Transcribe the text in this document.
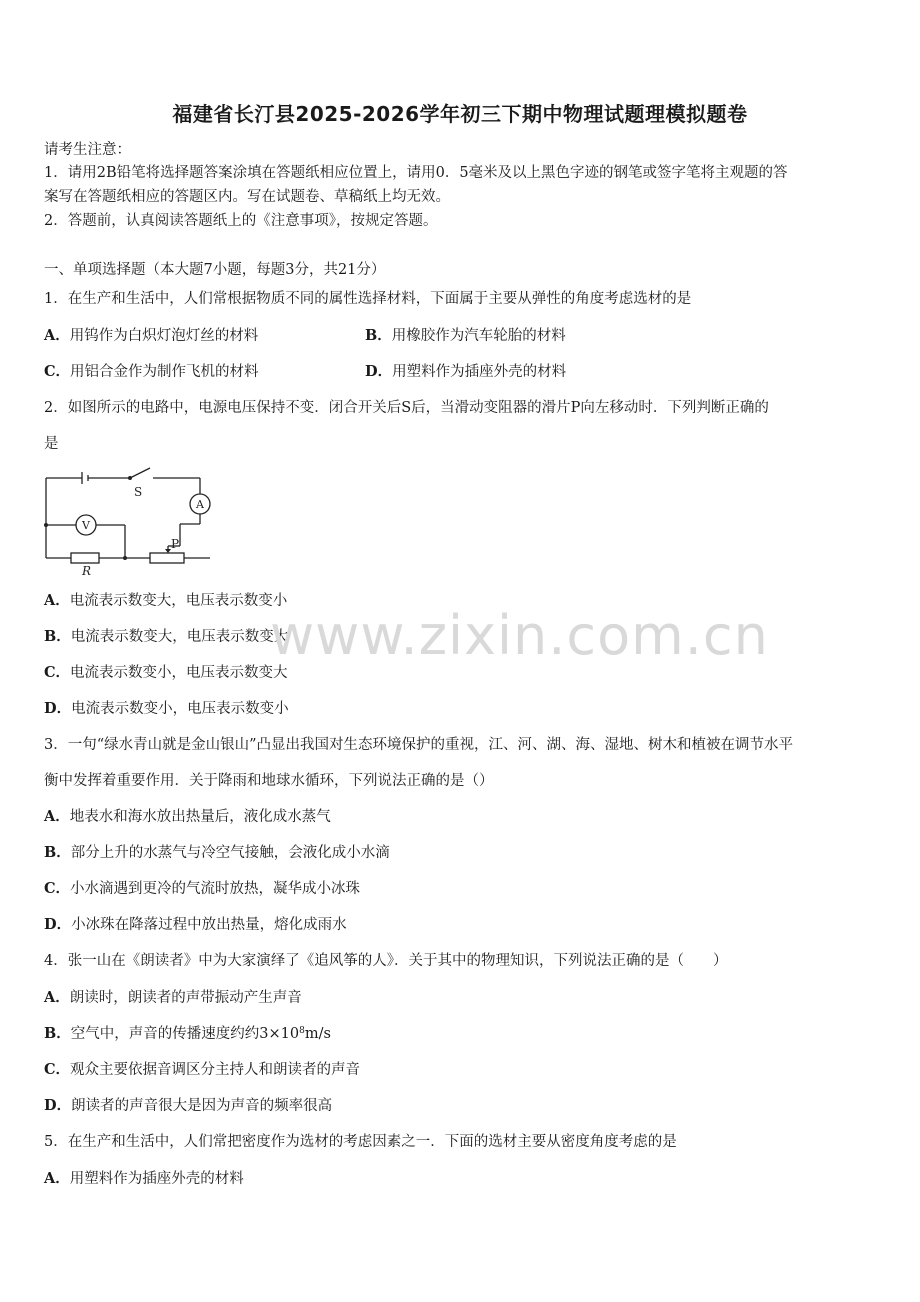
福建省长汀县2025-2026学年初三下期中物理试题理模拟题卷
请考生注意：
1．请用2B铅笔将选择题答案涂填在答题纸相应位置上，请用0．5毫米及以上黑色字迹的钢笔或签字笔将主观题的答
案写在答题纸相应的答题区内。写在试题卷、草稿纸上均无效。
2．答题前，认真阅读答题纸上的《注意事项》，按规定答题。
一、单项选择题（本大题7小题，每题3分，共21分）
1．在生产和生活中，人们常根据物质不同的属性选择材料，下面属于主要从弹性的角度考虑选材的是
A．用钨作为白炽灯泡灯丝的材料	B．用橡胶作为汽车轮胎的材料
C．用铝合金作为制作飞机的材料	D．用塑料作为插座外壳的材料
2．如图所示的电路中，电源电压保持不变．闭合开关后S后，当滑动变阻器的滑片P向左移动时．下列判断正确的
是
S
A
V
P
R
A．电流表示数变大，电压表示数变小
B．电流表示数变大，电压表示数变大
C．电流表示数变小，电压表示数变大
D．电流表示数变小，电压表示数变小
www.zixin.com.cn
3．一句“绿水青山就是金山银山”凸显出我国对生态环境保护的重视，江、河、湖、海、湿地、树木和植被在调节水平
衡中发挥着重要作用．关于降雨和地球水循环，下列说法正确的是（）
A．地表水和海水放出热量后，液化成水蒸气
B．部分上升的水蒸气与冷空气接触，会液化成小水滴
C．小水滴遇到更冷的气流时放热，凝华成小冰珠
D．小冰珠在降落过程中放出热量，熔化成雨水
4．张一山在《朗读者》中为大家演绎了《追风筝的人》．关于其中的物理知识，下列说法正确的是（　　）
A．朗读时，朗读者的声带振动产生声音
B．空气中，声音的传播速度约约$3\times 10^8m/s$
C．观众主要依据音调区分主持人和朗读者的声音
D．朗读者的声音很大是因为声音的频率很高
5．在生产和生活中，人们常把密度作为选材的考虑因素之一．下面的选材主要从密度角度考虑的是
A．用塑料作为插座外壳的材料
